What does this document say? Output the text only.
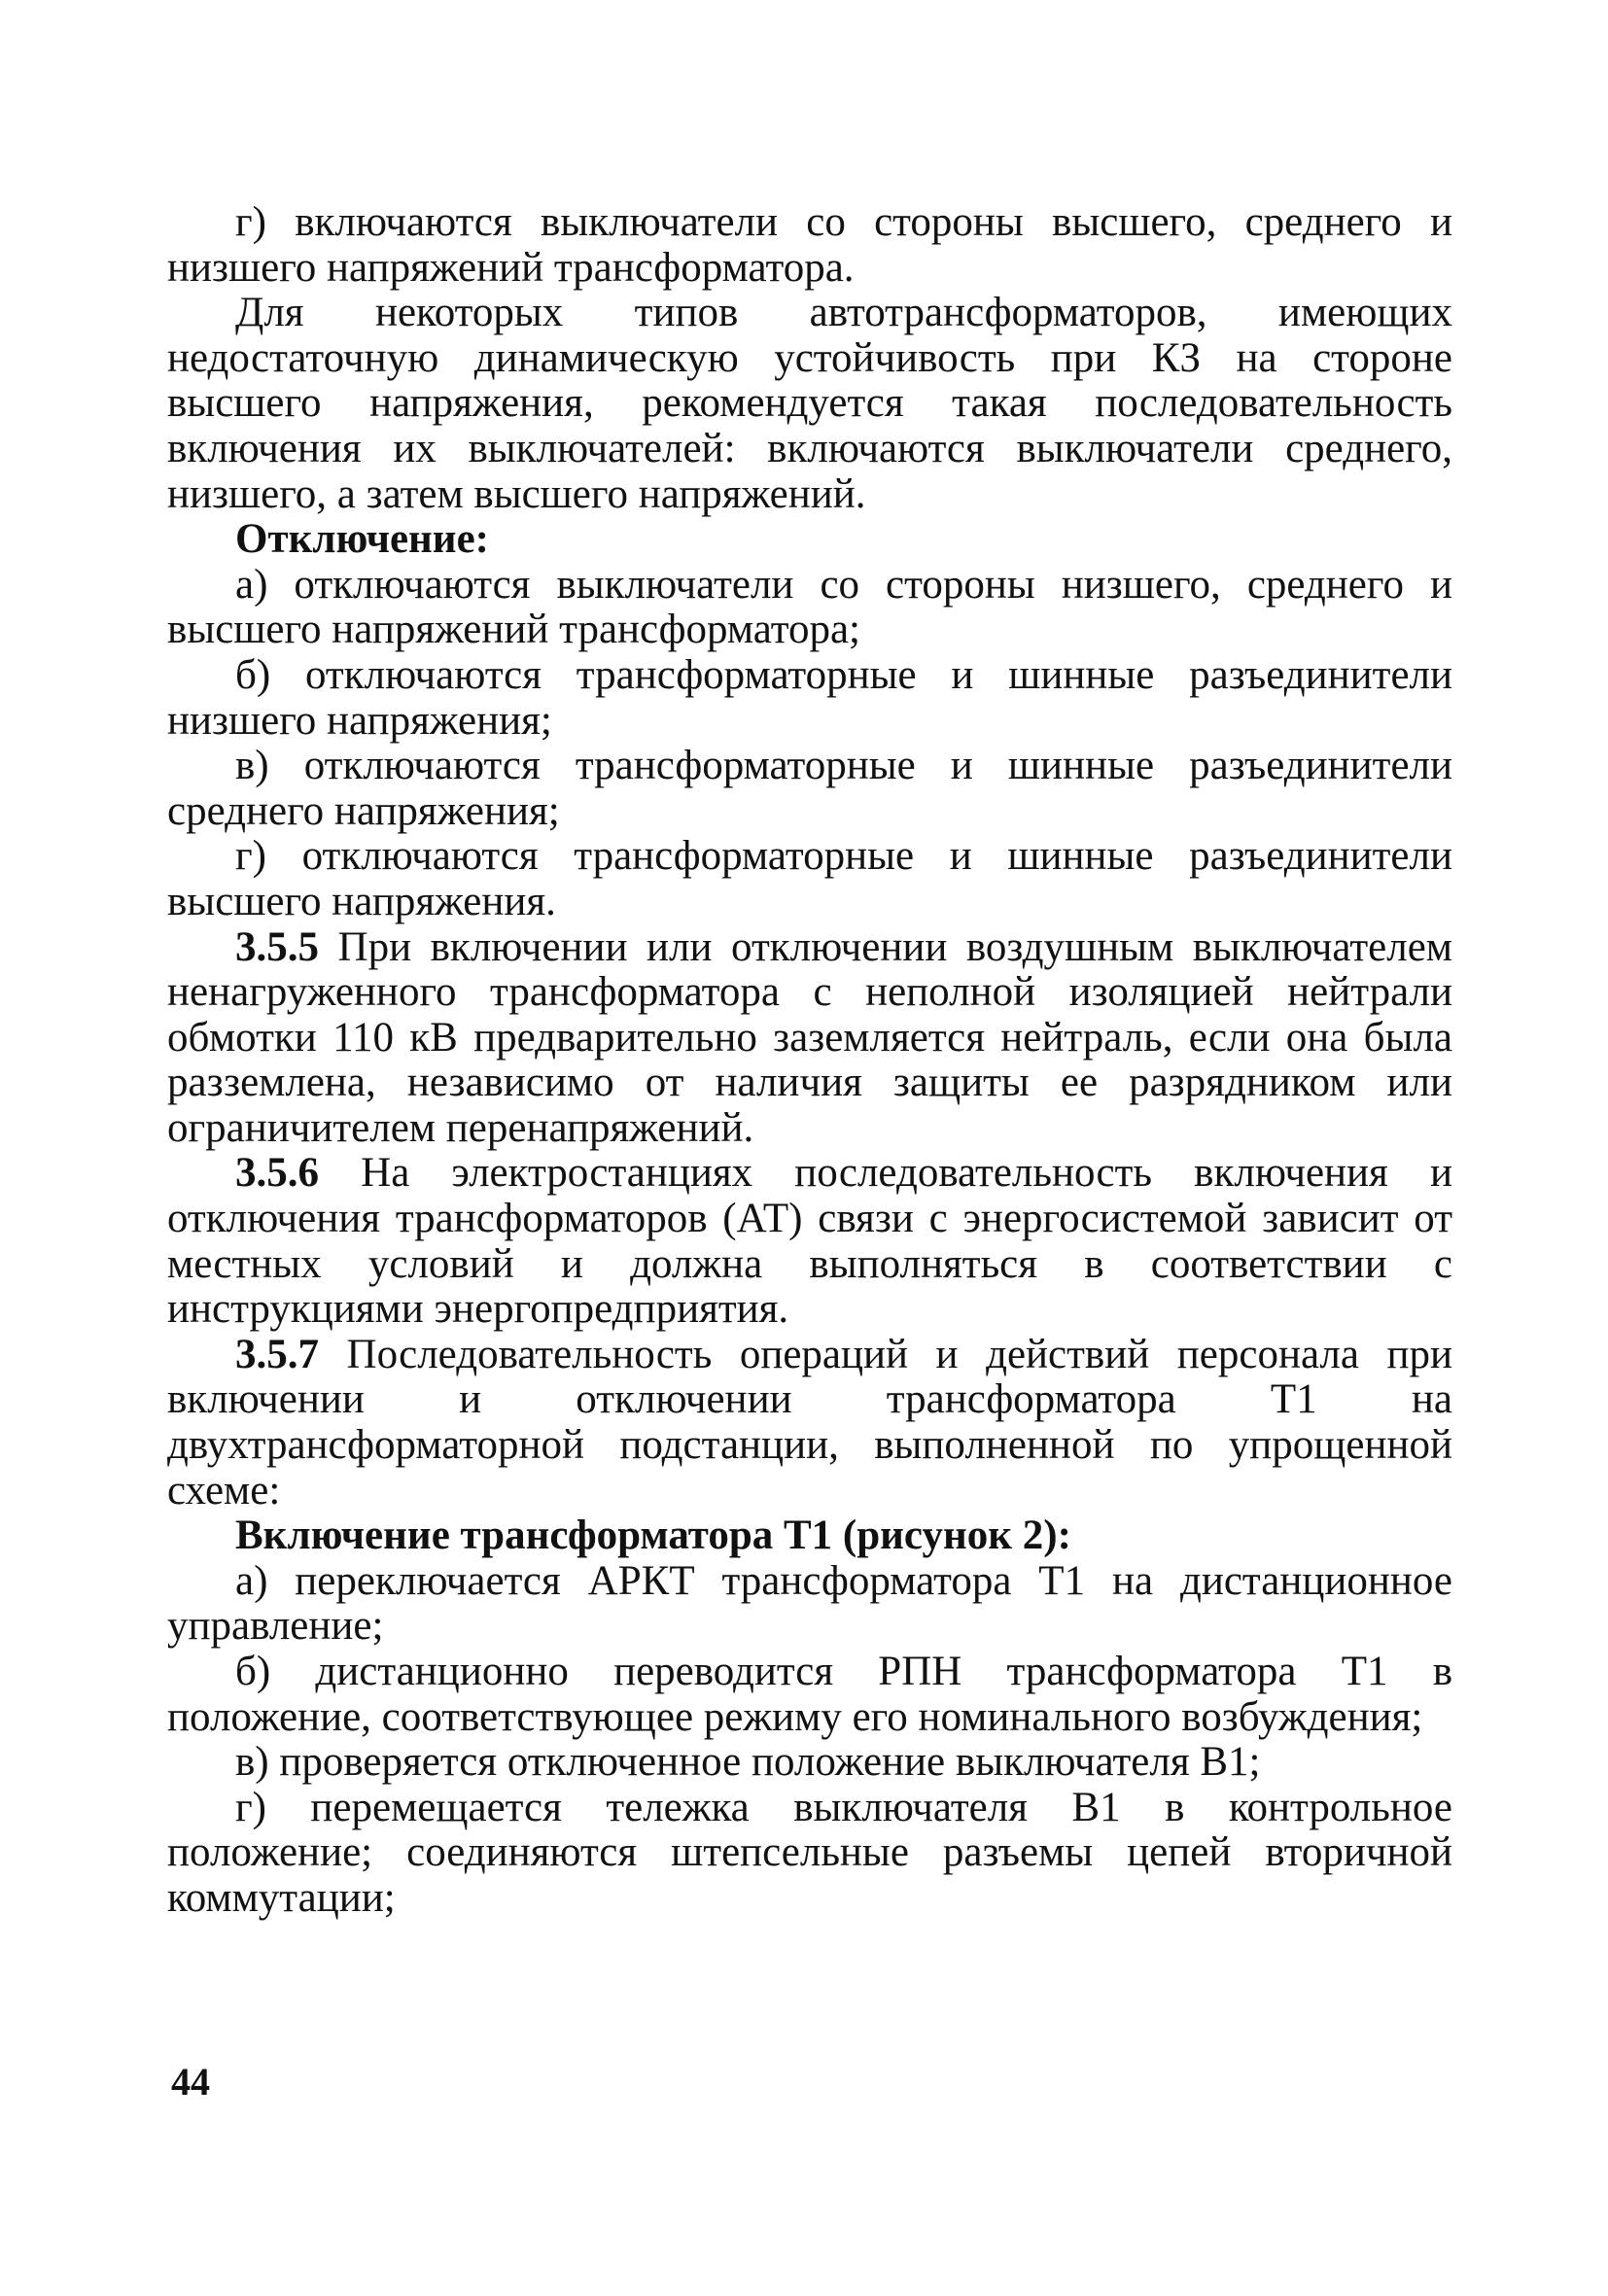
г) включаются выключатели со стороны высшего, среднего и низшего напряжений трансформатора.

Для некоторых типов автотрансформаторов, имеющих недостаточную динамическую устойчивость при КЗ на стороне высшего напряжения, рекомендуется такая последовательность включения их выключателей: включаются выключатели среднего, низшего, а затем высшего напряжений.

Отключение:

а) отключаются выключатели со стороны низшего, среднего и высшего напряжений трансформатора;

б) отключаются трансформаторные и шинные разъединители низшего напряжения;

в) отключаются трансформаторные и шинные разъединители среднего напряжения;

г) отключаются трансформаторные и шинные разъединители высшего напряжения.

3.5.5 При включении или отключении воздушным выключателем ненагруженного трансформатора с неполной изоляцией нейтрали обмотки 110 кВ предварительно заземляется нейтраль, если она была разземлена, независимо от наличия защиты ее разрядником или ограничителем перенапряжений.

3.5.6 На электростанциях последовательность включения и отключения трансформаторов (АТ) связи с энергосистемой зависит от местных условий и должна выполняться в соответствии с инструкциями энергопредприятия.

3.5.7 Последовательность операций и действий персонала при включении и отключении трансформатора Т1 на двухтрансформаторной подстанции, выполненной по упрощенной схеме:

Включение трансформатора Т1 (рисунок 2):

а) переключается АРКТ трансформатора Т1 на дистанционное управление;

б) дистанционно переводится РПН трансформатора Т1 в положение, соответствующее режиму его номинального возбуждения;

в) проверяется отключенное положение выключателя В1;

г) перемещается тележка выключателя В1 в контрольное положение; соединяются штепсельные разъемы цепей вторичной коммутации;

44
